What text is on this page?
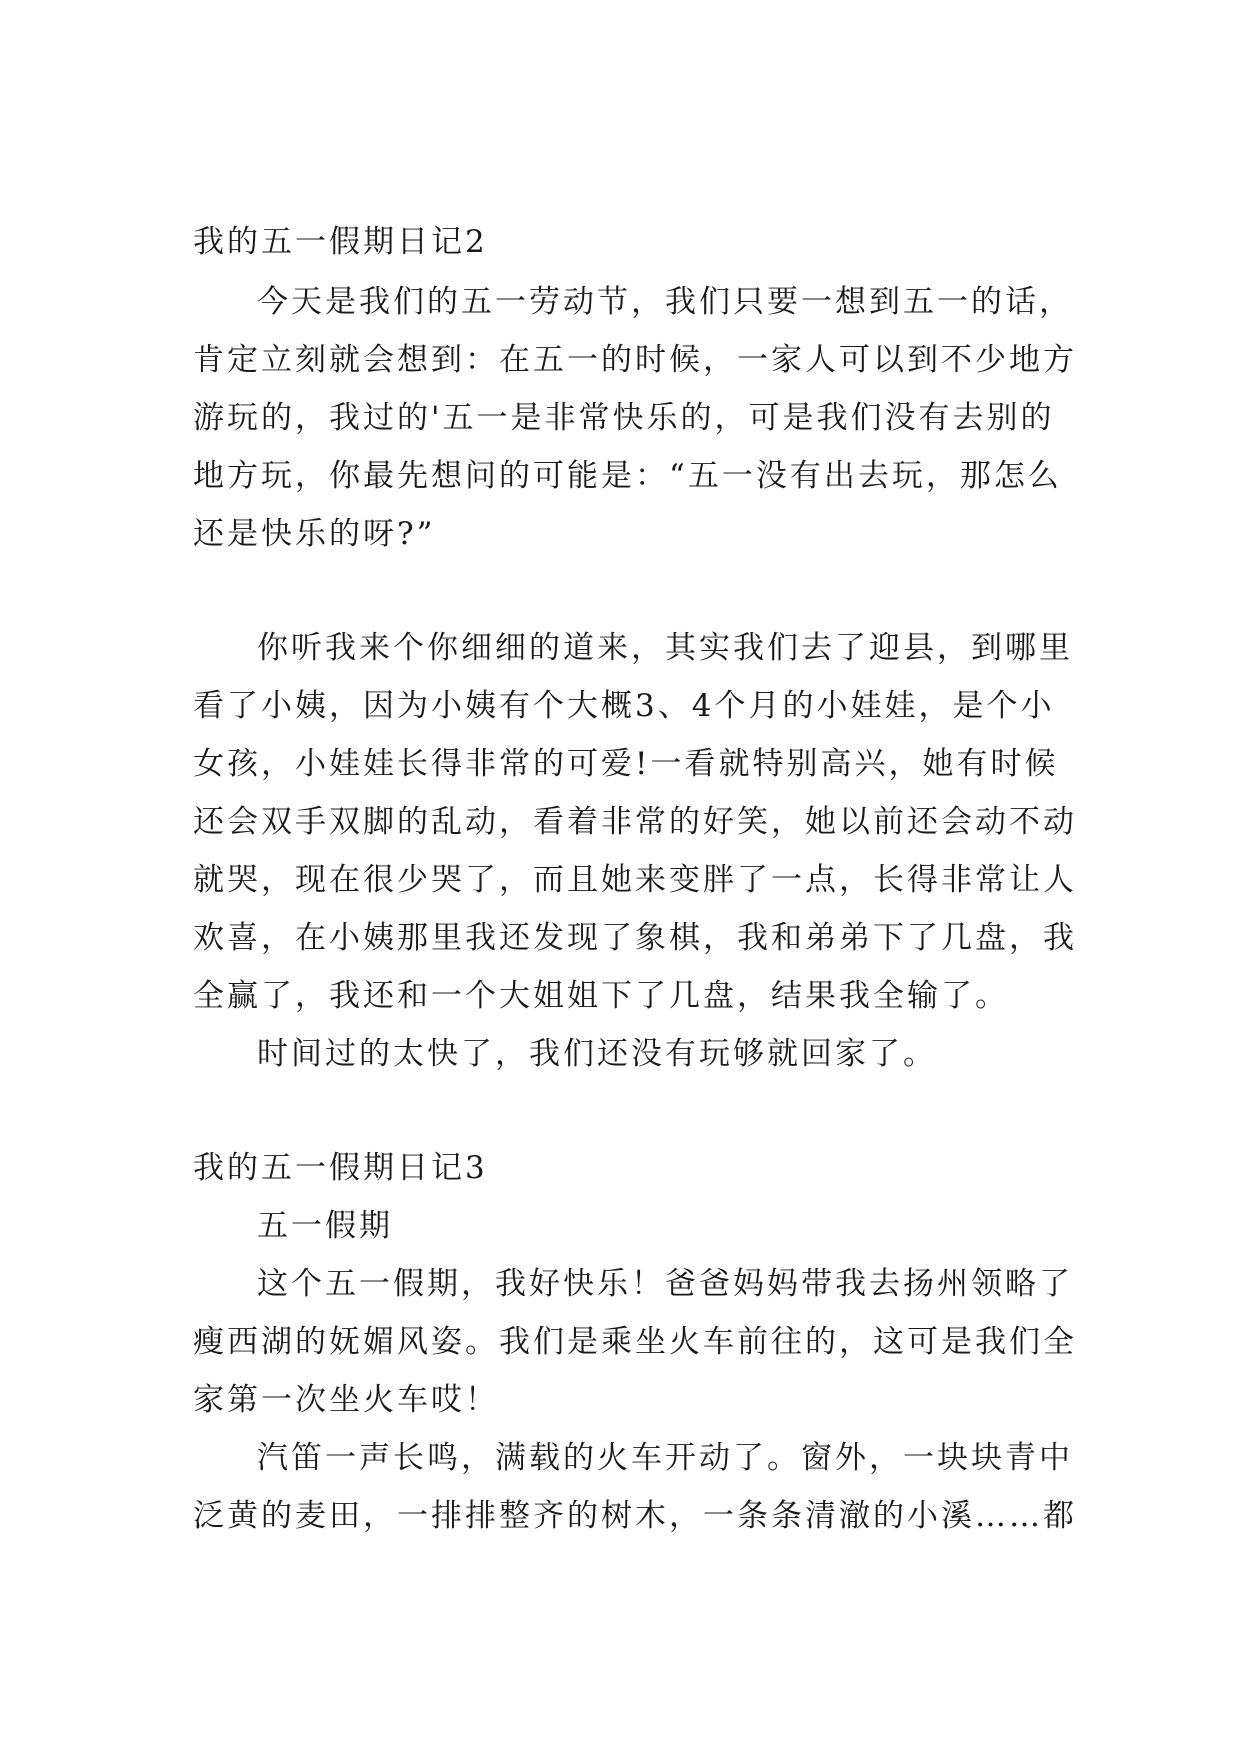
我的五一假期日记2
今天是我们的五一劳动节，我们只要一想到五一的话，
肯定立刻就会想到：在五一的时候，一家人可以到不少地方
游玩的，我过的'五一是非常快乐的，可是我们没有去别的
地方玩，你最先想问的可能是：“五一没有出去玩，那怎么
还是快乐的呀?”
你听我来个你细细的道来，其实我们去了迎县，到哪里
看了小姨，因为小姨有个大概3、4个月的小娃娃，是个小
女孩，小娃娃长得非常的可爱!一看就特别高兴，她有时候
还会双手双脚的乱动，看着非常的好笑，她以前还会动不动
就哭，现在很少哭了，而且她来变胖了一点，长得非常让人
欢喜，在小姨那里我还发现了象棋，我和弟弟下了几盘，我
全赢了，我还和一个大姐姐下了几盘，结果我全输了。
时间过的太快了，我们还没有玩够就回家了。
我的五一假期日记3
五一假期
这个五一假期，我好快乐！爸爸妈妈带我去扬州领略了
瘦西湖的妩媚风姿。我们是乘坐火车前往的，这可是我们全
家第一次坐火车哎！
汽笛一声长鸣，满载的火车开动了。窗外，一块块青中
泛黄的麦田，一排排整齐的树木，一条条清澈的小溪……都
